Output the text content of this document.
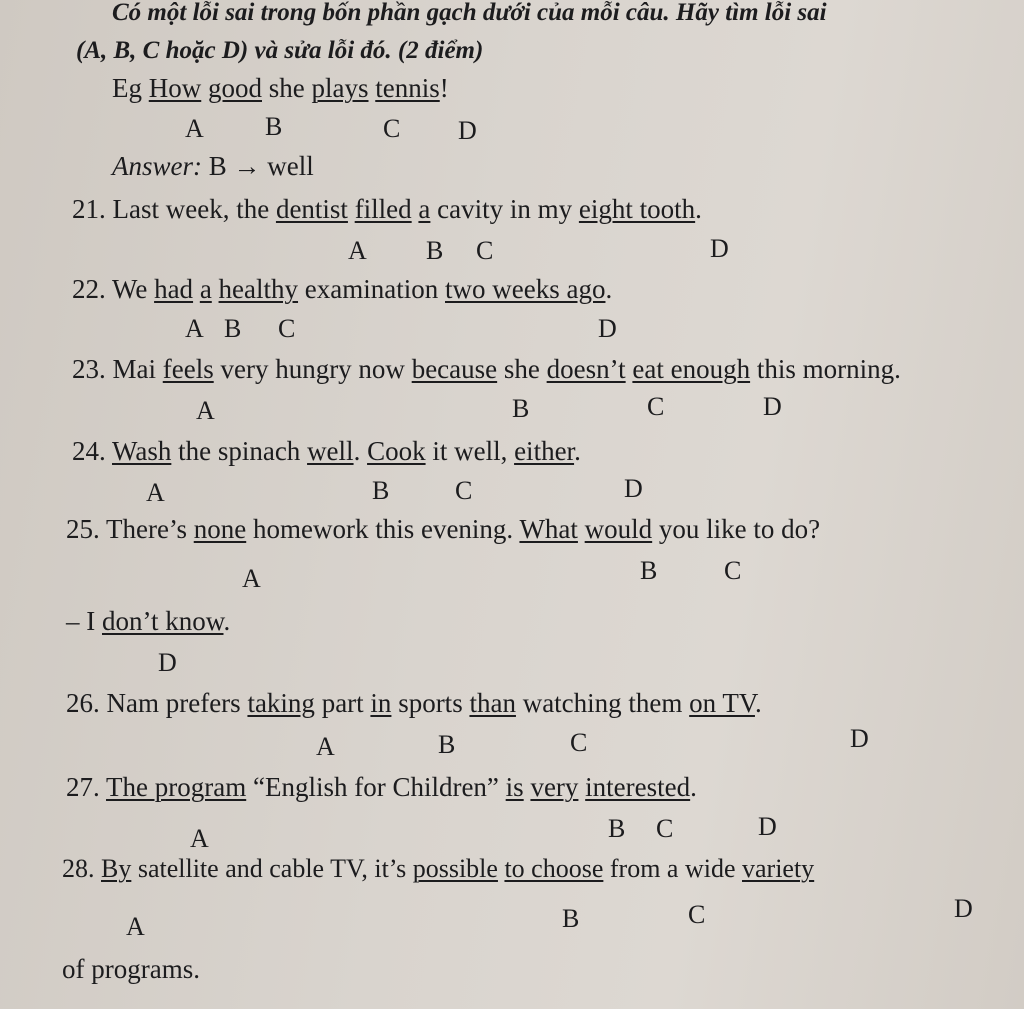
Có một lỗi sai trong bốn phần gạch dưới của mỗi câu. Hãy tìm lỗi sai
(A, B, C hoặc D) và sửa lỗi đó. (2 điểm)
Eg How good she plays tennis!
A B	C D
Answer: B → well
21. Last week, the dentist filled a cavity in my eight tooth.
A B C	D
22. We had a healthy examination two weeks ago.
A B C	D
23. Mai feels very hungry now because she doesn’t eat enough this morning.
A	B	C	D
24. Wash the spinach well. Cook it well, either.
A	B	C	D
25. There’s none homework this evening. What would you like to do?
A	B	C
– I don’t know.
D
26. Nam prefers taking part in sports than watching them on TV.
A	B	C	D
27. The program “English for Children” is very interested.
A	B C	D
28. By satellite and cable TV, it’s possible to choose from a wide variety
A	B	C	D
of programs.
